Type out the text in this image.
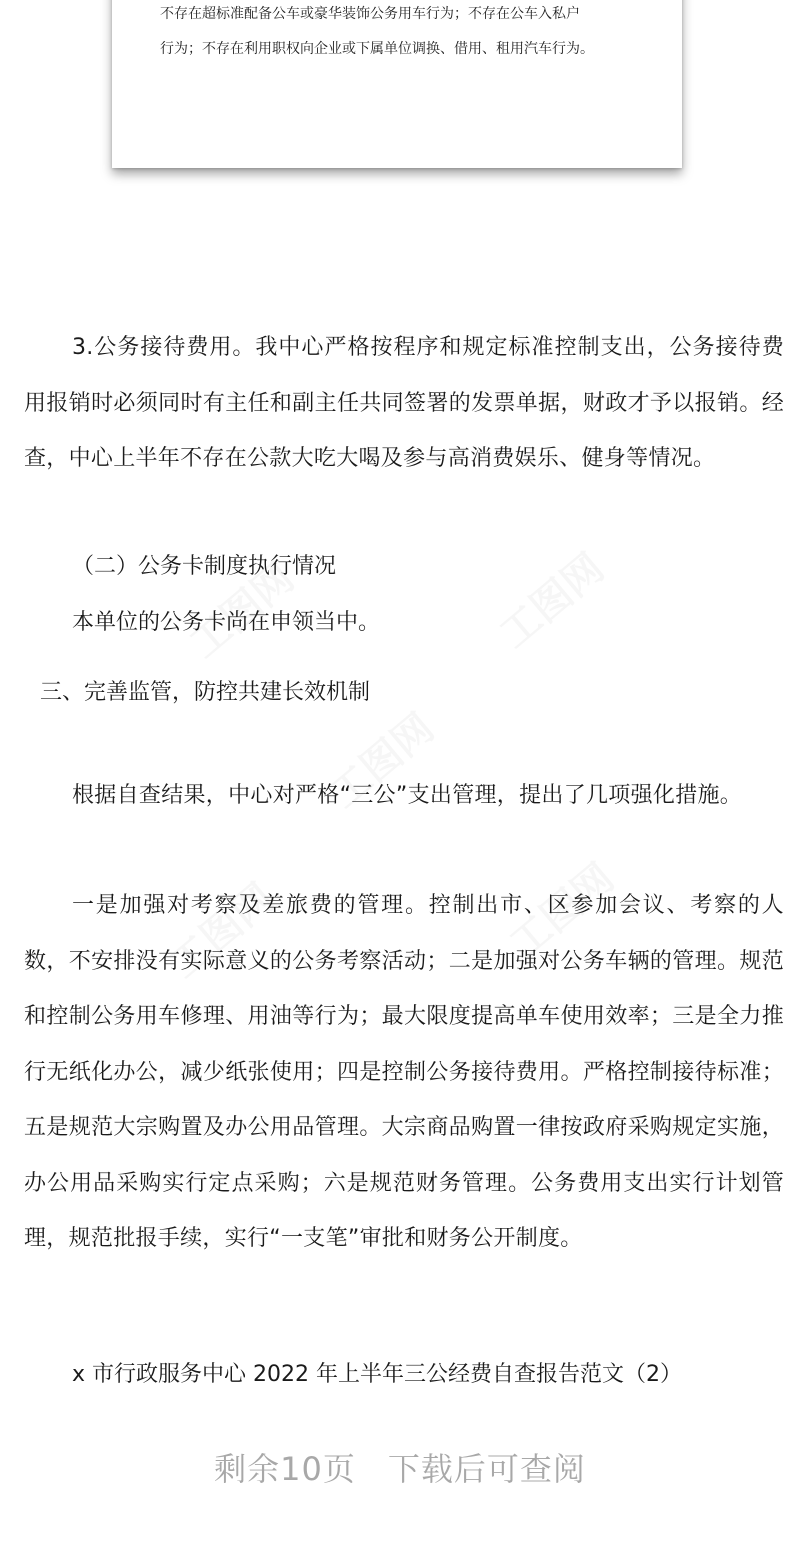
不存在超标准配备公车或豪华装饰公务用车行为；不存在公车入私户
行为；不存在利用职权向企业或下属单位调换、借用、租用汽车行为。
3.公务接待费用。我中心严格按程序和规定标准控制支出，公务接待费用报销时必须同时有主任和副主任共同签署的发票单据，财政才予以报销。经查，中心上半年不存在公款大吃大喝及参与高消费娱乐、健身等情况。
（二）公务卡制度执行情况
本单位的公务卡尚在申领当中。
三、完善监管，防控共建长效机制
根据自查结果，中心对严格“三公”支出管理，提出了几项强化措施。
一是加强对考察及差旅费的管理。控制出市、区参加会议、考察的人数，不安排没有实际意义的公务考察活动；二是加强对公务车辆的管理。规范和控制公务用车修理、用油等行为；最大限度提高单车使用效率；三是全力推行无纸化办公，减少纸张使用；四是控制公务接待费用。严格控制接待标准；五是规范大宗购置及办公用品管理。大宗商品购置一律按政府采购规定实施，办公用品采购实行定点采购；六是规范财务管理。公务费用支出实行计划管理，规范批报手续，实行“一支笔”审批和财务公开制度。
x 市行政服务中心 2022 年上半年三公经费自查报告范文（2）
剩余10页 下载后可查阅
